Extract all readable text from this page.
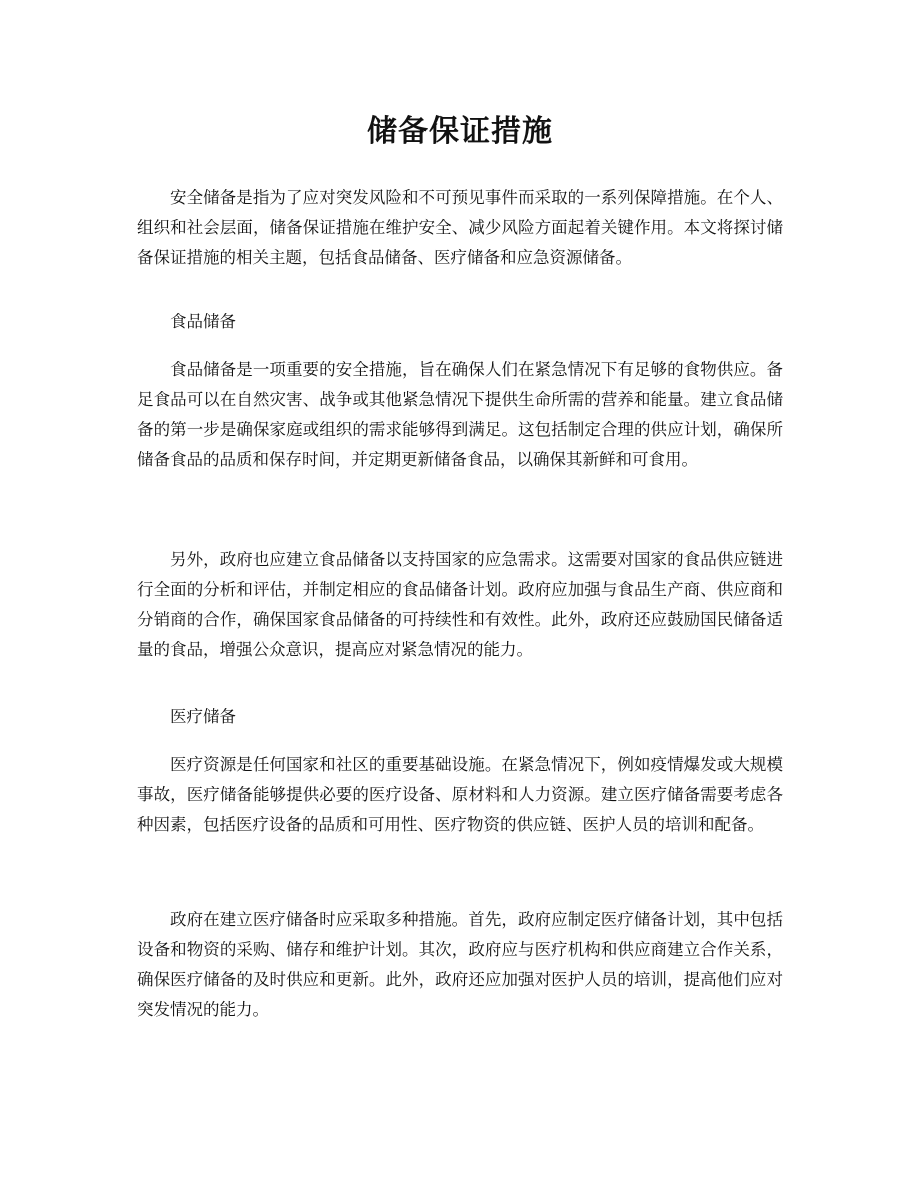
储备保证措施

安全储备是指为了应对突发风险和不可预见事件而采取的一系列保障措施。在个人、组织和社会层面，储备保证措施在维护安全、减少风险方面起着关键作用。本文将探讨储备保证措施的相关主题，包括食品储备、医疗储备和应急资源储备。

食品储备

食品储备是一项重要的安全措施，旨在确保人们在紧急情况下有足够的食物供应。备足食品可以在自然灾害、战争或其他紧急情况下提供生命所需的营养和能量。建立食品储备的第一步是确保家庭或组织的需求能够得到满足。这包括制定合理的供应计划，确保所储备食品的品质和保存时间，并定期更新储备食品，以确保其新鲜和可食用。

另外，政府也应建立食品储备以支持国家的应急需求。这需要对国家的食品供应链进行全面的分析和评估，并制定相应的食品储备计划。政府应加强与食品生产商、供应商和分销商的合作，确保国家食品储备的可持续性和有效性。此外，政府还应鼓励国民储备适量的食品，增强公众意识，提高应对紧急情况的能力。

医疗储备

医疗资源是任何国家和社区的重要基础设施。在紧急情况下，例如疫情爆发或大规模事故，医疗储备能够提供必要的医疗设备、原材料和人力资源。建立医疗储备需要考虑各种因素，包括医疗设备的品质和可用性、医疗物资的供应链、医护人员的培训和配备。

政府在建立医疗储备时应采取多种措施。首先，政府应制定医疗储备计划，其中包括设备和物资的采购、储存和维护计划。其次，政府应与医疗机构和供应商建立合作关系，确保医疗储备的及时供应和更新。此外，政府还应加强对医护人员的培训，提高他们应对突发情况的能力。
